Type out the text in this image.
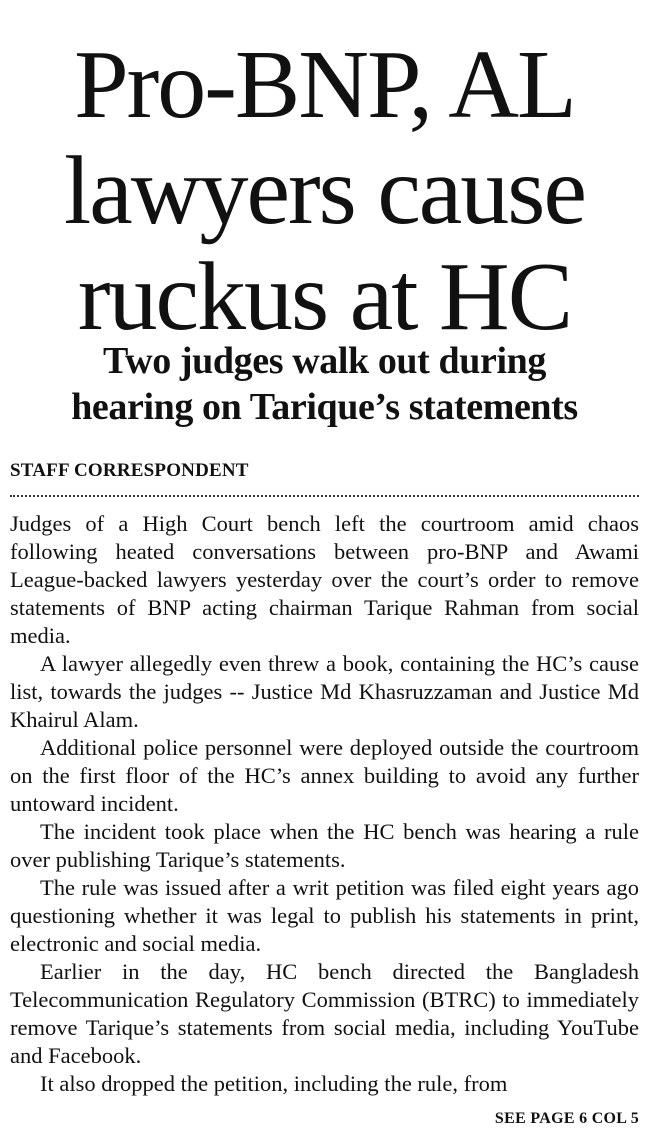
Pro-BNP, AL
lawyers cause
ruckus at HC
Two judges walk out during
hearing on Tarique’s statements
STAFF CORRESPONDENT

Judges of a High Court bench left the courtroom amid chaos following heated conversations between pro-BNP and Awami League-backed lawyers yesterday over the court’s order to remove statements of BNP acting chairman Tarique Rahman from social media.

A lawyer allegedly even threw a book, containing the HC’s cause list, towards the judges -- Justice Md Khasruzzaman and Justice Md Khairul Alam.

Additional police personnel were deployed outside the courtroom on the first floor of the HC’s annex building to avoid any further untoward incident.

The incident took place when the HC bench was hearing a rule over publishing Tarique’s statements.

The rule was issued after a writ petition was filed eight years ago questioning whether it was legal to publish his statements in print, electronic and social media.

Earlier in the day, HC bench directed the Bangladesh Telecommunication Regulatory Commission (BTRC) to immediately remove Tarique’s statements from social media, including YouTube and Facebook.

It also dropped the petition, including the rule, from

SEE PAGE 6 COL 5
